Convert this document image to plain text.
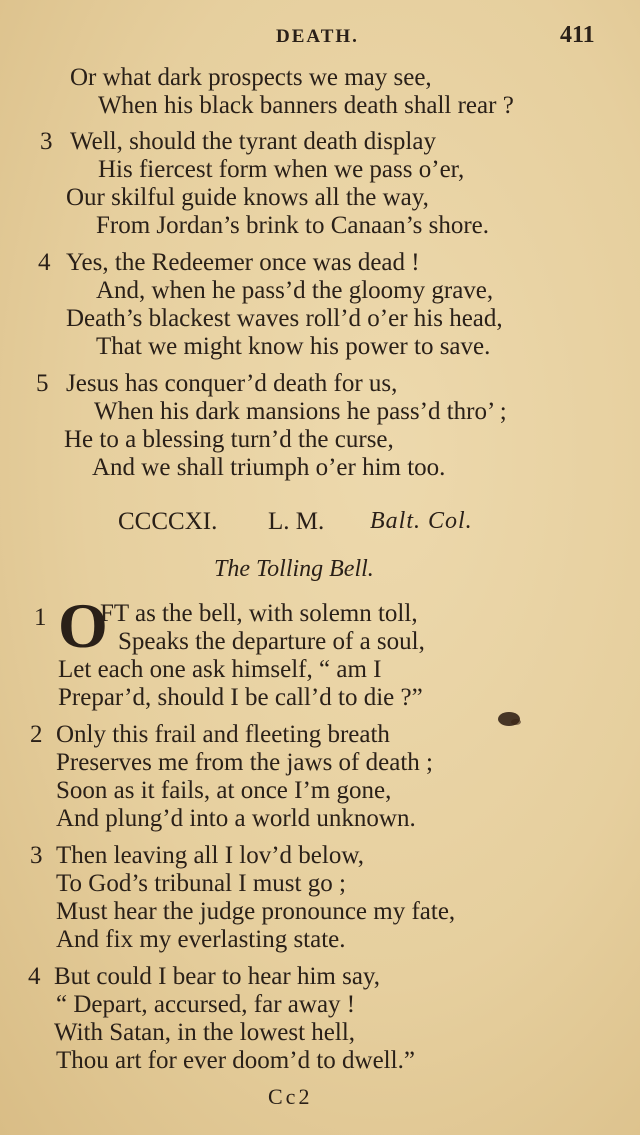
DEATH.	411
Or what dark prospects we may see,
When his black banners death shall rear ?
3 Well, should the tyrant death display
His fiercest form when we pass o’er,
Our skilful guide knows all the way,
From Jordan’s brink to Canaan’s shore.
4 Yes, the Redeemer once was dead !
And, when he pass’d the gloomy grave,
Death’s blackest waves roll’d o’er his head,
That we might know his power to save.
5 Jesus has conquer’d death for us,
When his dark mansions he pass’d thro’ ;
He to a blessing turn’d the curse,
And we shall triumph o’er him too.
CCCCXI. L. M. Balt. Col.
The Tolling Bell.
1 O
FT as the bell, with solemn toll,
Speaks the departure of a soul,
Let each one ask himself, “ am I
Prepar’d, should I be call’d to die ?”
2 Only this frail and fleeting breath
Preserves me from the jaws of death ;
Soon as it fails, at once I’m gone,
And plung’d into a world unknown.
3 Then leaving all I lov’d below,
To God’s tribunal I must go ;
Must hear the judge pronounce my fate,
And fix my everlasting state.
4 But could I bear to hear him say,
“ Depart, accursed, far away !
With Satan, in the lowest hell,
Thou art for ever doom’d to dwell.”
Cc2
